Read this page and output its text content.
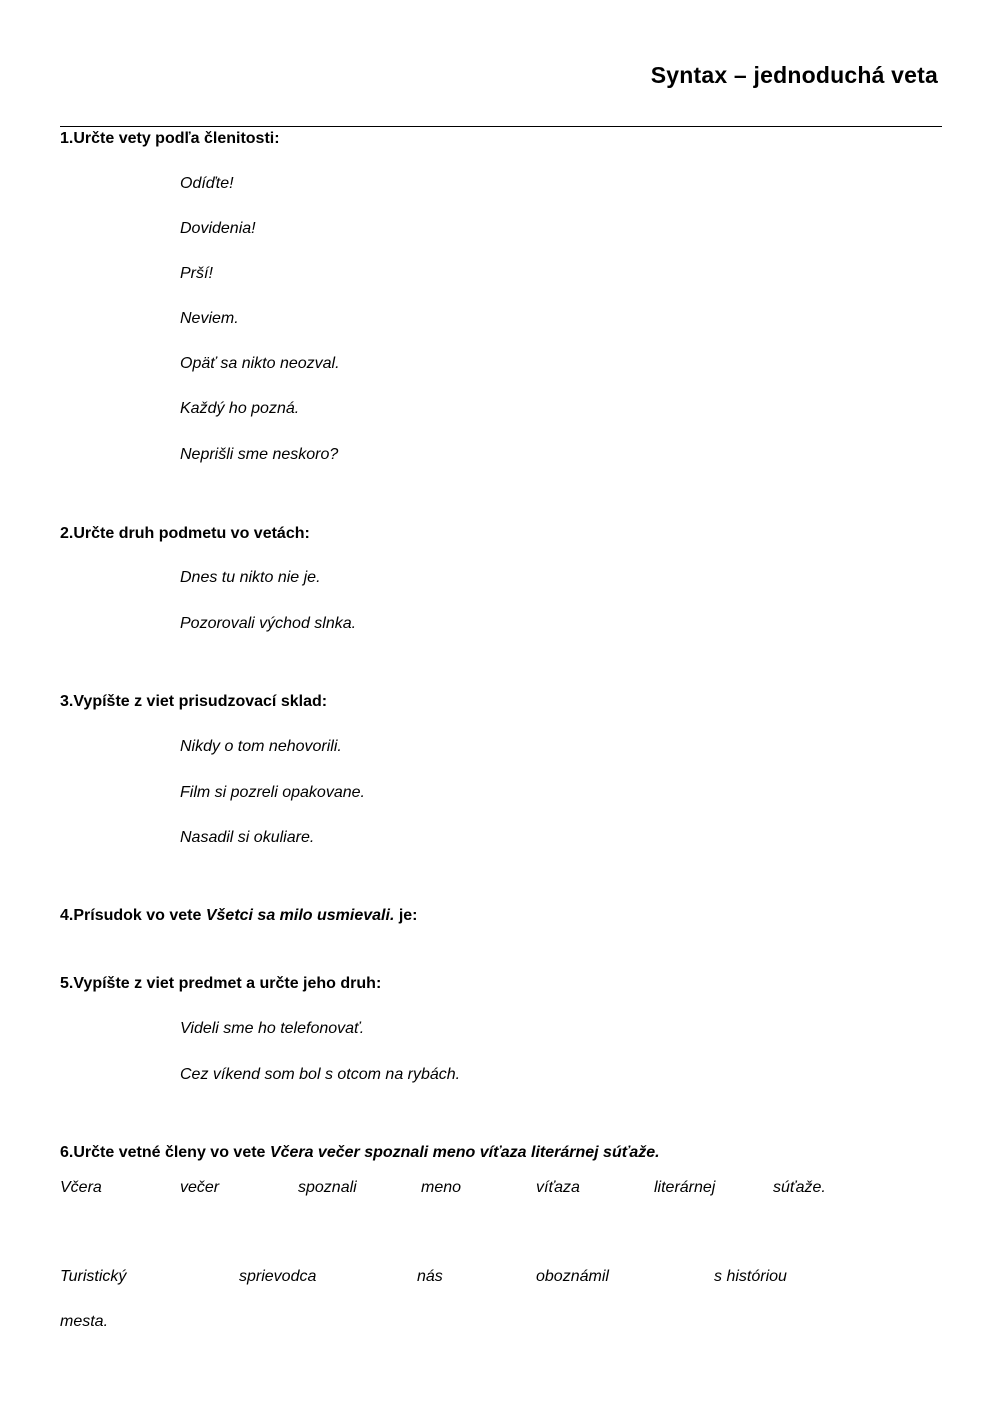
Syntax – jednoduchá veta
1.Určte vety podľa členitosti:
Odíďte!
Dovidenia!
Prší!
Neviem.
Opäť sa nikto neozval.
Každý ho pozná.
Neprišli sme neskoro?
2.Určte druh podmetu vo vetách:
Dnes tu nikto nie je.
Pozorovali východ slnka.
3.Vypíšte z viet prisudzovací sklad:
Nikdy o tom nehovorili.
Film si pozreli opakovane.
Nasadil si okuliare.
4.Prísudok vo vete Všetci sa milo usmievali. je:
5.Vypíšte z viet predmet a určte jeho druh:
Videli sme ho telefonovať.
Cez víkend som bol s otcom na rybách.
6.Určte vetné členy vo vete Včera večer spoznali meno víťaza literárnej súťaže.
Včera	večer	spoznali	meno	víťaza	literárnej	súťaže.
Turistický	sprievodca	nás	oboznámil	s históriou
mesta.
